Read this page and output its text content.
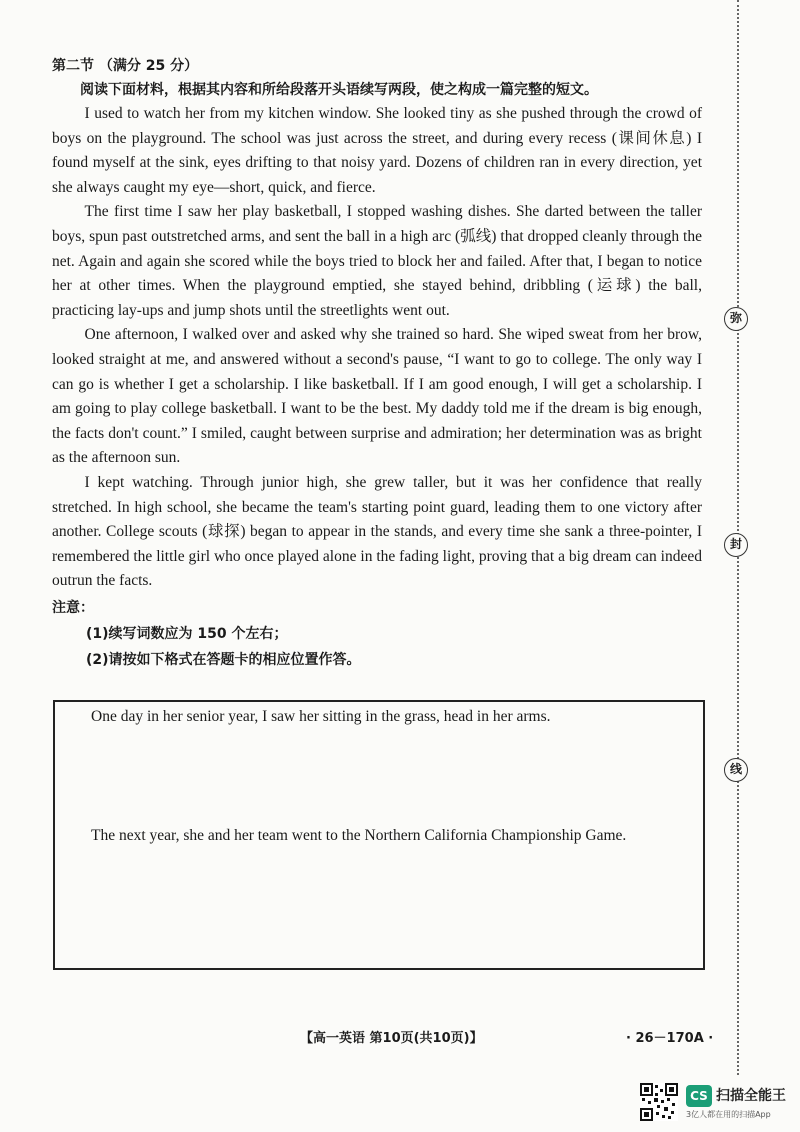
弥
封
线

第二节 （满分 25 分）

阅读下面材料，根据其内容和所给段落开头语续写两段，使之构成一篇完整的短文。

I used to watch her from my kitchen window. She looked tiny as she pushed through the crowd of boys on the playground. The school was just across the street, and during every recess (课间休息) I found myself at the sink, eyes drifting to that noisy yard. Dozens of children ran in every direction, yet she always caught my eye—short, quick, and fierce.

The first time I saw her play basketball, I stopped washing dishes. She darted between the taller boys, spun past outstretched arms, and sent the ball in a high arc (弧线) that dropped cleanly through the net. Again and again she scored while the boys tried to block her and failed. After that, I began to notice her at other times. When the playground emptied, she stayed behind, dribbling (运球) the ball, practicing lay-ups and jump shots until the streetlights went out.

One afternoon, I walked over and asked why she trained so hard. She wiped sweat from her brow, looked straight at me, and answered without a second's pause, “I want to go to college. The only way I can go is whether I get a scholarship. I like basketball. If I am good enough, I will get a scholarship. I am going to play college basketball. I want to be the best. My daddy told me if the dream is big enough, the facts don't count.” I smiled, caught between surprise and admiration; her determination was as bright as the afternoon sun.

I kept watching. Through junior high, she grew taller, but it was her confidence that really stretched. In high school, she became the team's starting point guard, leading them to one victory after another. College scouts (球探) began to appear in the stands, and every time she sank a three-pointer, I remembered the little girl who once played alone in the fading light, proving that a big dream can indeed outrun the facts.

注意：

(1)续写词数应为 150 个左右；

(2)请按如下格式在答题卡的相应位置作答。

One day in her senior year, I saw her sitting in the grass, head in her arms.
The next year, she and her team went to the Northern California Championship Game.
【高一英语 第10页(共10页)】	· 26－170A ·
CS 扫描全能王
3亿人都在用的扫描App
